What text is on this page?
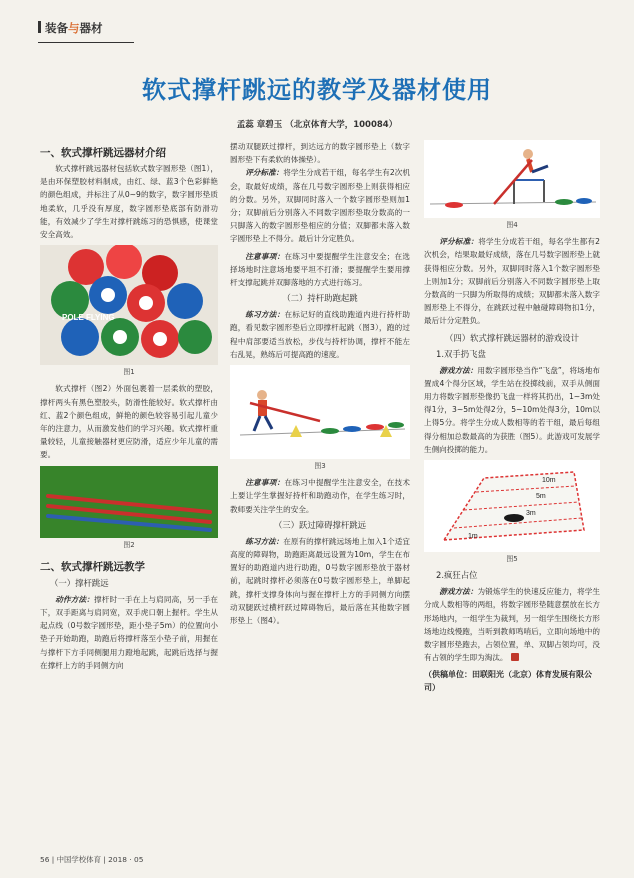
装备与器材
软式撑杆跳远的教学及器材使用
孟蕊 章碧玉 （北京体育大学，100084）
一、软式撑杆跳远器材介绍

软式撑杆跳远器材包括软式数字圆形垫（图1），是由环保塑胶材料制成，由红、绿、蓝3个色彩鲜艳的颜色组成，并标注了从0~9的数字，数字圆形垫质地柔软，几乎没有厚度，数字圆形垫底部有防滑功能，有效减少了学生对撑杆跳练习的恐惧感，使课堂安全高效。

POLE FLYING
图1

软式撑杆（图2）外面包裹着一层柔软的塑胶，撑杆两头有黑色塑胶头，防滑性能较好。软式撑杆由红、蓝2个颜色组成，鲜艳的颜色较容易引起儿童少年的注意力，从而激发他们的学习兴趣。软式撑杆重量较轻，儿童接触器材更应防滑，适应少年儿童的需要。

图2
二、软式撑杆跳远教学
（一）撑杆跳远

动作方法：撑杆时一手在上与肩同高，另一手在下，双手距离与肩同宽，双手虎口朝上握杆。学生从起点线（0号数字圆形垫，距小垫子5m）的位置向小垫子开始助跑，助跑后将撑杆落至小垫子前，用握在与撑杆下方手同侧腿用力蹬地起跳，起跳后选择与握在撑杆上方的手同侧方向

摆动双腿跃过撑杆，到达远方的数字圆形垫上（数字圆形垫下有柔软的体操垫）。

评分标准：将学生分成若干组，每名学生有2次机会，取最好成绩，落在几号数字圆形垫上则获得相应的分数。另外，双脚同时落入一个数字圆形垫则加1分；双脚前后分别落入不同数字圆形垫取分数高的一只脚落入的数字圆形垫相应的分值；双脚都未落入数字圆形垫上不得分。最后计分定胜负。

注意事项：在练习中要提醒学生注意安全；在选择场地时注意场地要平坦不打滑；要提醒学生要用撑杆支撑起跳并双脚落地的方式进行练习。

（二）持杆助跑起跳

练习方法：在标记好的直线助跑道内进行持杆助跑，看见数字圆形垫后立即撑杆起跳（图3），跑的过程中肩部要适当放松，步伐与持杆协调，撑杆不能左右乱晃，熟练后可提高跑的速度。

图3

注意事项：在练习中提醒学生注意安全，在技术上要让学生掌握好持杆和助跑动作，在学生练习时，教师要关注学生的安全。

（三）跃过障碍撑杆跳远

练习方法：在原有的撑杆跳远场地上加入1个适宜高度的障碍物，助跑距离最远设置为10m，学生在布置好的助跑道内进行助跑，0号数字圆形垫放于器材前，起跳时撑杆必须落在0号数字圆形垫上，单脚起跳，撑杆支撑身体向与握在撑杆上方的手同侧方向摆动双腿跃过横杆跃过障碍物后，最后落在其他数字圆形垫上（图4）。

图4

评分标准：将学生分成若干组，每名学生都有2次机会，结果取最好成绩，落在几号数字圆形垫上就获得相应分数。另外，双脚同时落入1个数字圆形垫上则加1分；双脚前后分别落入不同数字圆形垫上取分数高的一只脚为所取得的成绩；双脚都未落入数字圆形垫上不得分，在跳跃过程中触碰障碍物扣1分，最后计分定胜负。

（四）软式撑杆跳远器材的游戏设计
1.双手扔飞盘

游戏方法：用数字圆形垫当作“飞盘”，将场地布置成4个得分区域，学生站在投掷线前，双手从侧面用力将数字圆形垫像扔飞盘一样将其扔出，1~3m处得1分，3~5m处得2分，5~10m处得3分，10m以上得5分。将学生分成人数相等的若干组，最后每组得分相加总数最高的为获胜（图5）。此游戏可发展学生侧向投掷的能力。

10m
5m
3m
1m
图5
2.疯狂占位

游戏方法：为锻炼学生的快速反应能力，将学生分成人数相等的两组，将数字圆形垫随意摆放在长方形场地内，一组学生为裁判，另一组学生围绕长方形场地边线慢跑，当听到教师鸣哨后，立即向场地中的数字圆形垫跑去，占领位置，单、双脚占领均可，没有占领的学生即为淘汰。

（供稿单位：田联阳光（北京）体育发展有限公司）
56 | 中国学校体育 | 2018 · 05
